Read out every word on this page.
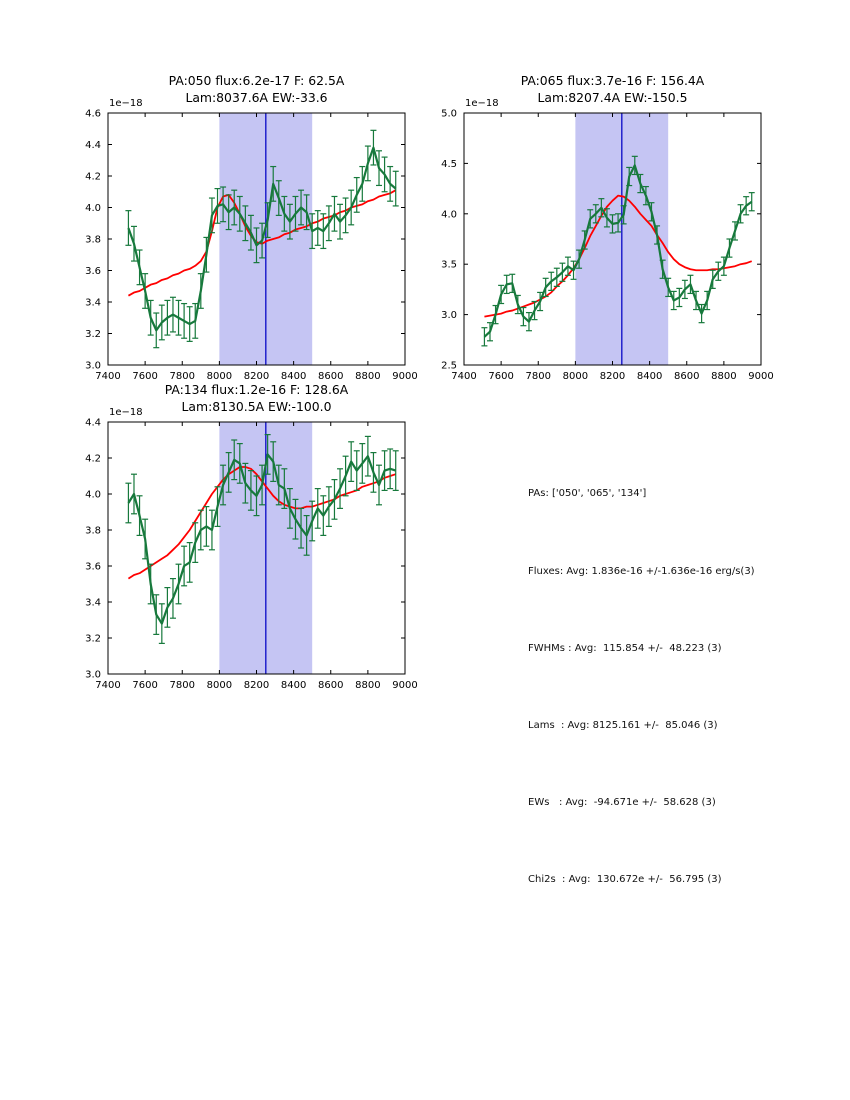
PA:050 flux:6.2e-17 F: 62.5A
Lam:8037.6A EW:-33.6
PA:065 flux:3.7e-16 F: 156.4A
Lam:8207.4A EW:-150.5
PA:134 flux:1.2e-16 F: 128.6A
Lam:8130.5A EW:-100.0
7400 7600 7800 8000 8200 8400 8600 8800 9000
3.0
3.2
3.4
3.6
3.8
4.0
4.2
4.4
4.6
1e−18
7400 7600 7800 8000 8200 8400 8600 8800 9000
2.5
3.0
3.5
4.0
4.5
5.0
1e−18
7400 7600 7800 8000 8200 8400 8600 8800 9000
3.0
3.2
3.4
3.6
3.8
4.0
4.2
4.4
1e−18

PAs: ['050', '065', '134']

Fluxes: Avg: 1.836e-16 +/-1.636e-16 erg/s(3)

FWHMs : Avg:  115.854 +/-  48.223 (3)

Lams  : Avg: 8125.161 +/-  85.046 (3)

EWs   : Avg:  -94.671e +/-  58.628 (3)

Chi2s  : Avg:  130.672e +/-  56.795 (3)
